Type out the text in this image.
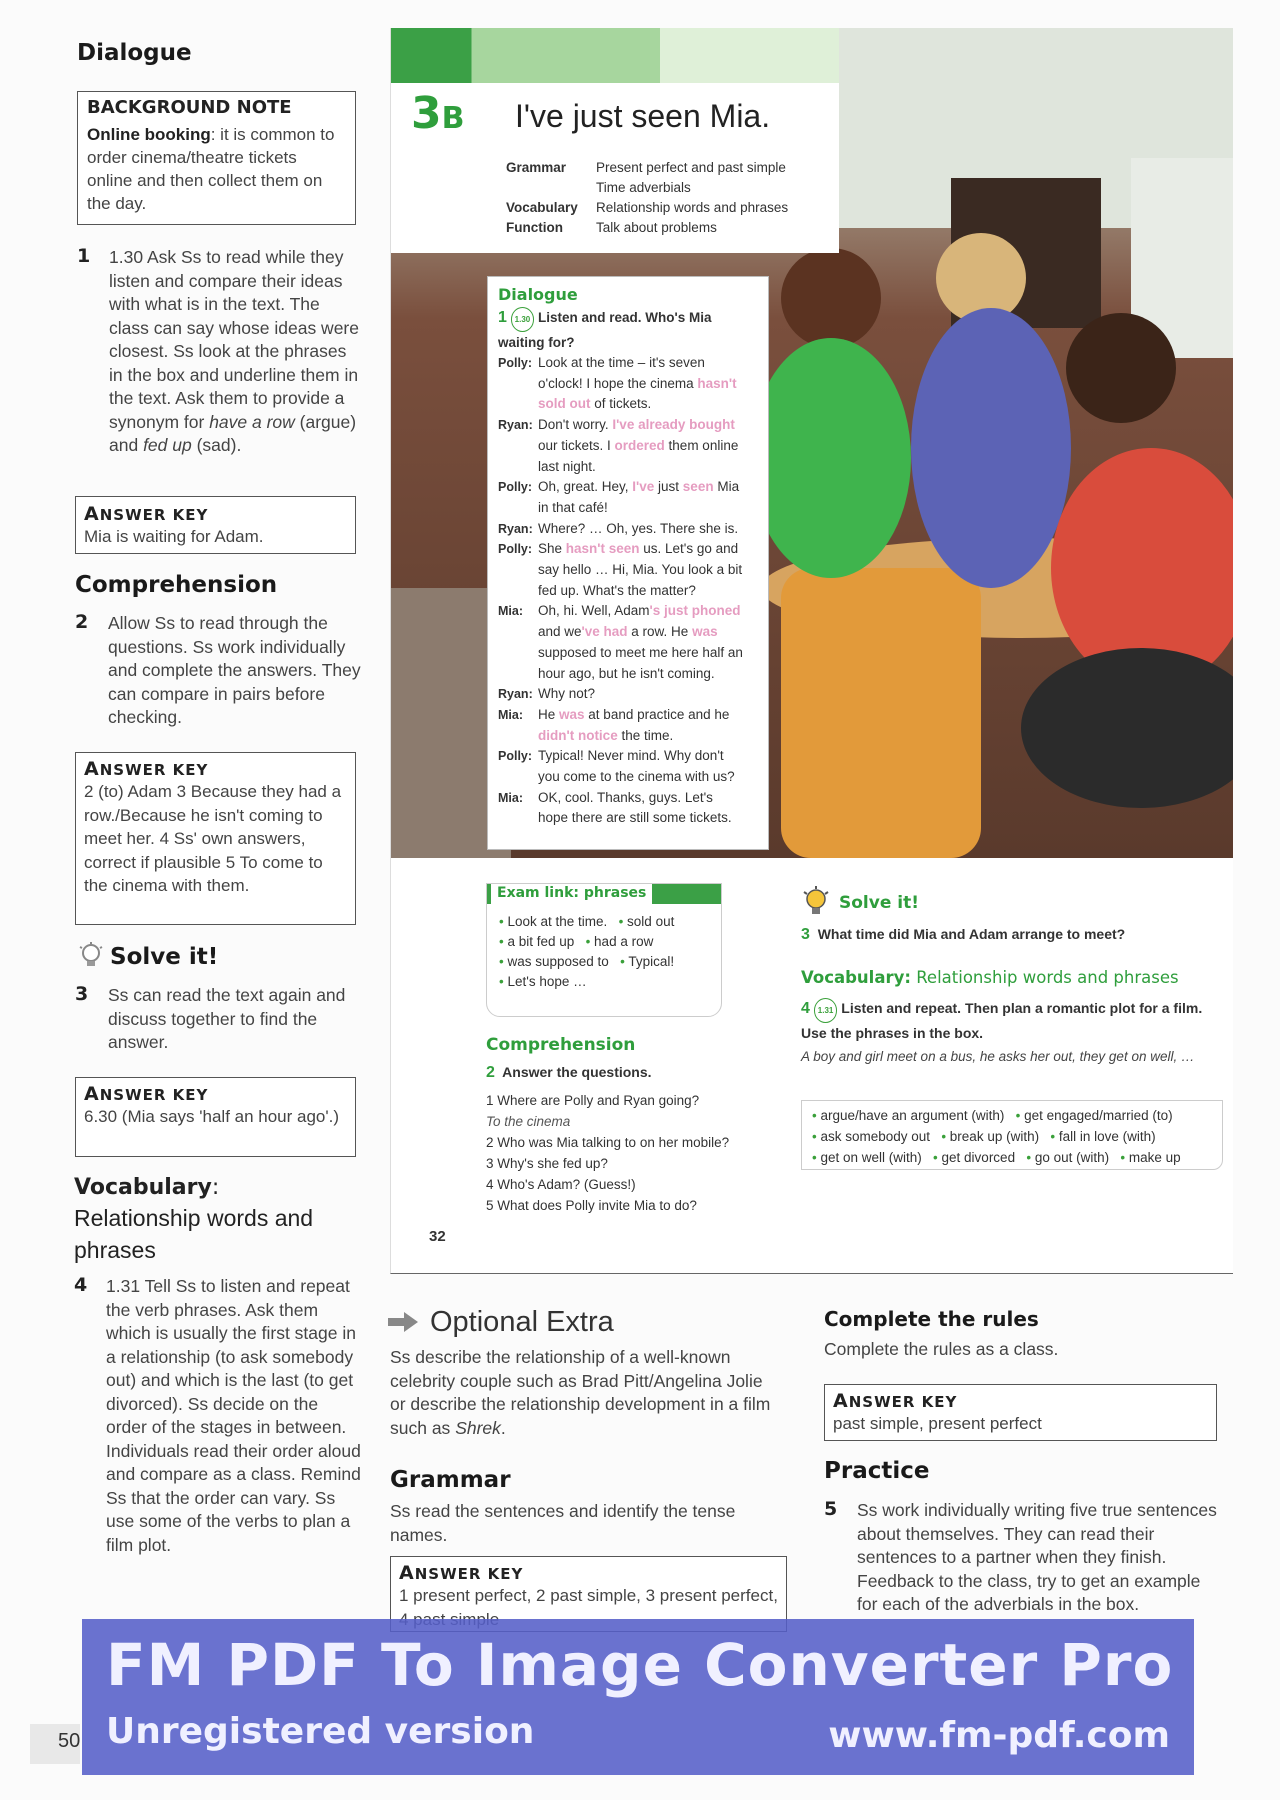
Dialogue
BACKGROUND NOTE
Online booking: it is common to order cinema/theatre tickets online and then collect them on the day.
1 1.30 Ask Ss to read while they listen and compare their ideas with what is in the text. The class can say whose ideas were closest. Ss look at the phrases in the box and underline them in the text. Ask them to provide a synonym for have a row (argue) and fed up (sad).
ANSWER KEY
Mia is waiting for Adam.
Comprehension
2 Allow Ss to read through the questions. Ss work individually and complete the answers. They can compare in pairs before checking.
ANSWER KEY
2 (to) Adam 3 Because they had a row./Because he isn't coming to meet her. 4 Ss' own answers, correct if plausible 5 To come to the cinema with them.
Solve it!
3 Ss can read the text again and discuss together to find the answer.
ANSWER KEY
6.30 (Mia says 'half an hour ago'.)
Vocabulary:
Relationship words and phrases
4 1.31 Tell Ss to listen and repeat the verb phrases. Ask them which is usually the first stage in a relationship (to ask somebody out) and which is the last (to get divorced). Ss decide on the order of the stages in between. Individuals read their order aloud and compare as a class. Remind Ss that the order can vary. Ss use some of the verbs to plan a film plot.
3B I've just seen Mia.
Grammar	Present perfect and past simple
Time adverbials
Vocabulary	Relationship words and phrases
Function	Talk about problems
Dialogue
1 1.30 Listen and read. Who's Mia waiting for?
Polly: Look at the time – it's seven
o'clock! I hope the cinema hasn't
sold out of tickets.
Ryan: Don't worry. I've already bought
our tickets. I ordered them online
last night.
Polly: Oh, great. Hey, I've just seen Mia
in that café!
Ryan: Where? … Oh, yes. There she is.
Polly: She hasn't seen us. Let's go and
say hello … Hi, Mia. You look a bit
fed up. What's the matter?
Mia:	Oh, hi. Well, Adam's just phoned
and we've had a row. He was
supposed to meet me here half an
hour ago, but he isn't coming.
Ryan: Why not?
Mia:	He was at band practice and he
didn't notice the time.
Polly: Typical! Never mind. Why don't
you come to the cinema with us?
Mia:	OK, cool. Thanks, guys. Let's
hope there are still some tickets.
Exam link: phrases
• Look at the time. • sold out
• a bit fed up • had a row
• was supposed to • Typical!
• Let's hope …
Comprehension
2 Answer the questions.
1 Where are Polly and Ryan going?
To the cinema
2 Who was Mia talking to on her mobile?
3 Why's she fed up?
4 Who's Adam? (Guess!)
5 What does Polly invite Mia to do?
32
Solve it!
3 What time did Mia and Adam arrange to meet?
Vocabulary: Relationship words and phrases
4 1.31 Listen and repeat. Then plan a romantic plot for a film. Use the phrases in the box.
A boy and girl meet on a bus, he asks her out, they get on well, …
• argue/have an argument (with) • get engaged/married (to)
• ask somebody out • break up (with) • fall in love (with)
• get on well (with) • get divorced • go out (with) • make up
Optional Extra
Ss describe the relationship of a well-known celebrity couple such as Brad Pitt/Angelina Jolie or describe the relationship development in a film such as Shrek.
Grammar
Ss read the sentences and identify the tense names.
ANSWER KEY
1 present perfect, 2 past simple, 3 present perfect,
Complete the rules
Complete the rules as a class.
ANSWER KEY
past simple, present perfect
Practice
5 Ss work individually writing five true sentences about themselves. They can read their sentences to a partner when they finish. Feedback to the class, try to get an example for each of the adverbials in the box.
50
FM PDF To Image Converter Pro
Unregistered version	www.fm-pdf.com
